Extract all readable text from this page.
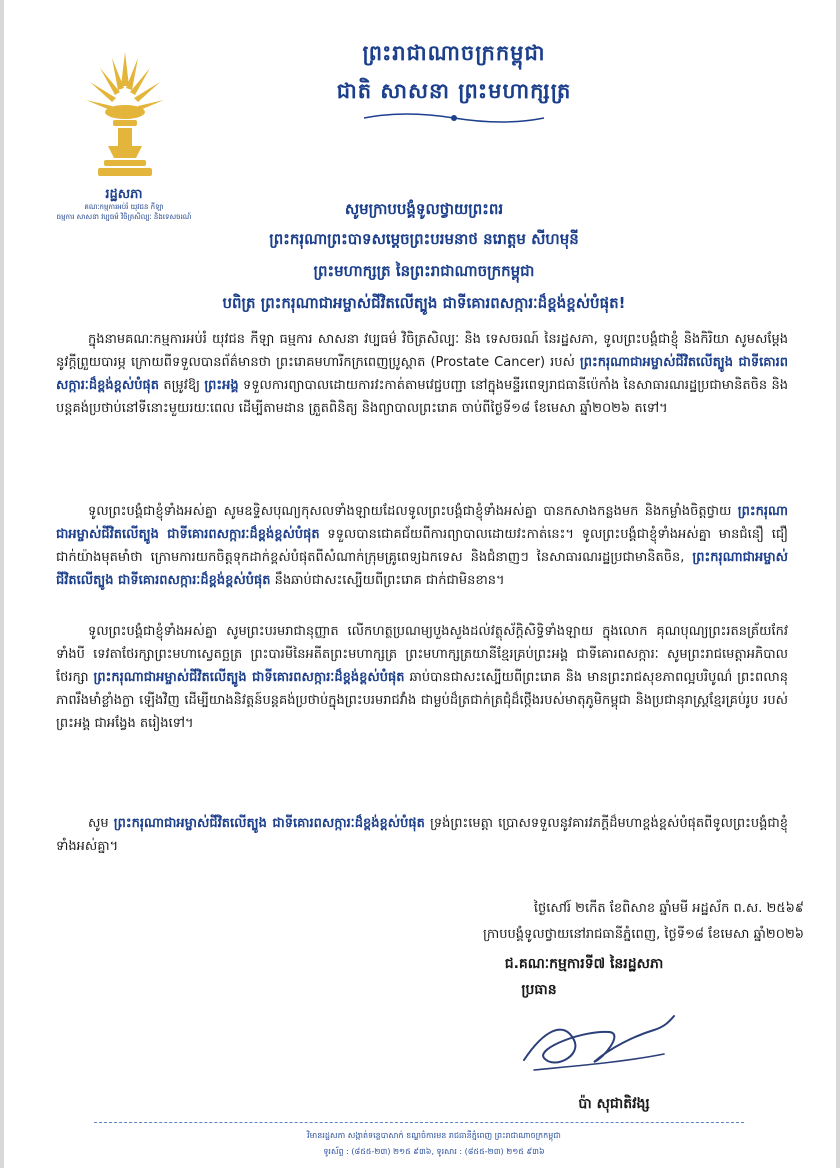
រដ្ឋសភា
គណៈកម្មការអប់រំ យុវជន កីឡា
ធម្មការ សាសនា វប្បធម៌ វិចិត្រសិល្បៈ និងទេសចរណ៍
ព្រះរាជាណាចក្រកម្ពុជា
ជាតិ សាសនា ព្រះមហាក្សត្រ
សូមក្រាបបង្គំទូលថ្វាយព្រះពរ
ព្រះករុណាព្រះបាទសម្តេចព្រះបរមនាថ នរោត្តម សីហមុនី
ព្រះមហាក្សត្រ នៃព្រះរាជាណាចក្រកម្ពុជា
បពិត្រ ព្រះករុណាជាអម្ចាស់ជីវិតលើត្បូង ជាទីគោរពសក្ការៈដ៏ខ្ពង់ខ្ពស់បំផុត!
ក្នុងនាមគណៈកម្មការអប់រំ យុវជន កីឡា ធម្មការ សាសនា វប្បធម៌ វិចិត្រសិល្បៈ និង ទេសចរណ៍ នៃរដ្ឋសភា, ទូលព្រះបង្គំជាខ្ញុំ និងកិរិយា សូមសម្តែងនូវក្តីព្រួយបារម្ភ ក្រោយពីទទួលបានព័ត៌មានថា ព្រះរោគមហារីកក្រពេញប្រូស្តាត (Prostate Cancer) របស់ ព្រះករុណាជាអម្ចាស់ជីវិតលើត្បូង ជាទីគោរពសក្ការៈដ៏ខ្ពង់ខ្ពស់បំផុត តម្រូវឱ្យ ព្រះអង្គ ទទួលការព្យាបាលដោយការវះកាត់តាមវេជ្ជបញ្ជា នៅក្នុងមន្ទីរពេទ្យរាជធានីប៉េកាំង នៃសាធារណរដ្ឋប្រជាមានិតចិន និងបន្តគង់ប្រថាប់នៅទីនោះមួយរយៈពេល ដើម្បីតាមដាន ត្រួតពិនិត្យ និងព្យាបាលព្រះរោគ ចាប់ពីថ្ងៃទី១៨ ខែមេសា ឆ្នាំ២០២៦ តទៅ។
ទូលព្រះបង្គំជាខ្ញុំទាំងអស់គ្នា សូមឧទ្ទិសបុណ្យកុសលទាំងឡាយដែលទូលព្រះបង្គំជាខ្ញុំទាំងអស់គ្នា បានកសាងកន្លងមក និងកម្លាំងចិត្តថ្វាយ ព្រះករុណាជាអម្ចាស់ជីវិតលើត្បូង ជាទីគោរពសក្ការៈដ៏ខ្ពង់ខ្ពស់បំផុត ទទួលបានជោគជ័យពីការព្យាបាលដោយវះកាត់នេះ។ ទូលព្រះបង្គំជាខ្ញុំទាំងអស់គ្នា មានជំនឿ ជឿជាក់យ៉ាងមុតមាំថា ក្រោមការយកចិត្តទុកដាក់ខ្ពស់បំផុតពីសំណាក់ក្រុមគ្រូពេទ្យឯកទេស និងជំនាញៗ នៃសាធារណរដ្ឋប្រជាមានិតចិន, ព្រះករុណាជាអម្ចាស់ជីវិតលើត្បូង ជាទីគោរពសក្ការៈដ៏ខ្ពង់ខ្ពស់បំផុត នឹងឆាប់ជាសះស្បើយពីព្រះរោគ ជាក់ជាមិនខាន។
ទូលព្រះបង្គំជាខ្ញុំទាំងអស់គ្នា សូមព្រះបរមរាជានុញ្ញាត លើកហត្ថប្រណម្យបួងសួងដល់វត្ថុស័ក្តិសិទ្ធិទាំងឡាយ ក្នុងលោក គុណបុណ្យព្រះរតនត្រ័យកែវទាំងបី ទេវតាថែរក្សាព្រះមហាស្វេតច្ឆត្រ ព្រះបារមីនៃអតីតព្រះមហាក្សត្រ ព្រះមហាក្សត្រយានីខ្មែរគ្រប់ព្រះអង្គ ជាទីគោរពសក្ការៈ សូមព្រះរាជមេត្តាអភិបាលថែរក្សា ព្រះករុណាជាអម្ចាស់ជីវិតលើត្បូង ជាទីគោរពសក្ការៈដ៏ខ្ពង់ខ្ពស់បំផុត ឆាប់បានជាសះស្បើយពីព្រះរោគ និង មានព្រះរាជសុខភាពល្អបរិបូណ៌ ព្រះពលានុភាពរឹងមាំខ្លាំងក្លា ឡើងវិញ ដើម្បីយាងនិវត្តន៍បន្តគង់ប្រថាប់ក្នុងព្រះបរមរាជវាំង ជាម្លប់ដ៏ត្រជាក់ត្រជុំដ៏ថ្កើងរបស់មាតុភូមិកម្ពុជា និងប្រជានុរាស្រ្តខ្មែរគ្រប់រូប របស់ព្រះអង្គ ជាអង្វែង តរៀងទៅ។
សូម ព្រះករុណាជាអម្ចាស់ជីវិតលើត្បូង ជាទីគោរពសក្ការៈដ៏ខ្ពង់ខ្ពស់បំផុត ទ្រង់ព្រះមេត្តា ប្រោសទទួលនូវគារវភក្តីដ៏មហាខ្ពង់ខ្ពស់បំផុតពីទូលព្រះបង្គំជាខ្ញុំទាំងអស់គ្នា។
ថ្ងៃសៅរ៍ ២កើត ខែពិសាខ ឆ្នាំមមី អដ្ឋស័ក ព.ស. ២៥៦៩
ក្រាបបង្គំទូលថ្វាយនៅរាជធានីភ្នំពេញ, ថ្ងៃទី១៨ ខែមេសា ឆ្នាំ២០២៦
ជ.គណៈកម្មការទី៧ នៃរដ្ឋសភា
ប្រធាន
ប៉ា សុជាតិវង្ស
វិមានរដ្ឋសភា សង្កាត់ទន្លេបាសាក់ ខណ្ឌចំការមន រាជធានីភ្នំពេញ ព្រះរាជាណាចក្រកម្ពុជា
ទូរស័ព្ទ : (៨៥៥-២៣) ២១៥ ៩៣៦, ទូរសារ : (៨៥៥-២៣) ២១៥ ៩៣៦
